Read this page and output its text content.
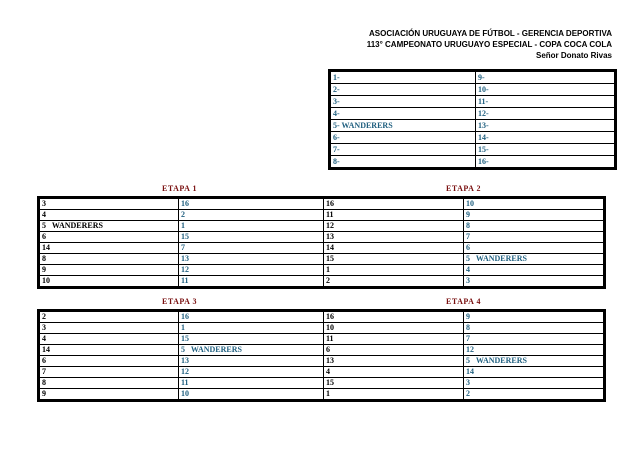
ASOCIACIÓN URUGUAYA DE FÚTBOL - GERENCIA DEPORTIVA
113° CAMPEONATO URUGUAYO ESPECIAL - COPA COCA COLA
Señor Donato Rivas
1-	9-
2-	10-
3-	11-
4-	12-
5- WANDERERS	13-
6-	14-
7-	15-
8-	16-
ETAPA 1	ETAPA 2
3	16	16	10
4	2	11	9
5   WANDERERS	1	12	8
6	15	13	7
14	7	14	6
8	13	15	5   WANDERERS
9	12	1	4
10	11	2	3
ETAPA 3	ETAPA 4
2	16	16	9
3	1	10	8
4	15	11	7
14	5   WANDERERS	6	12
6	13	13	5   WANDERERS
7	12	4	14
8	11	15	3
9	10	1	2
